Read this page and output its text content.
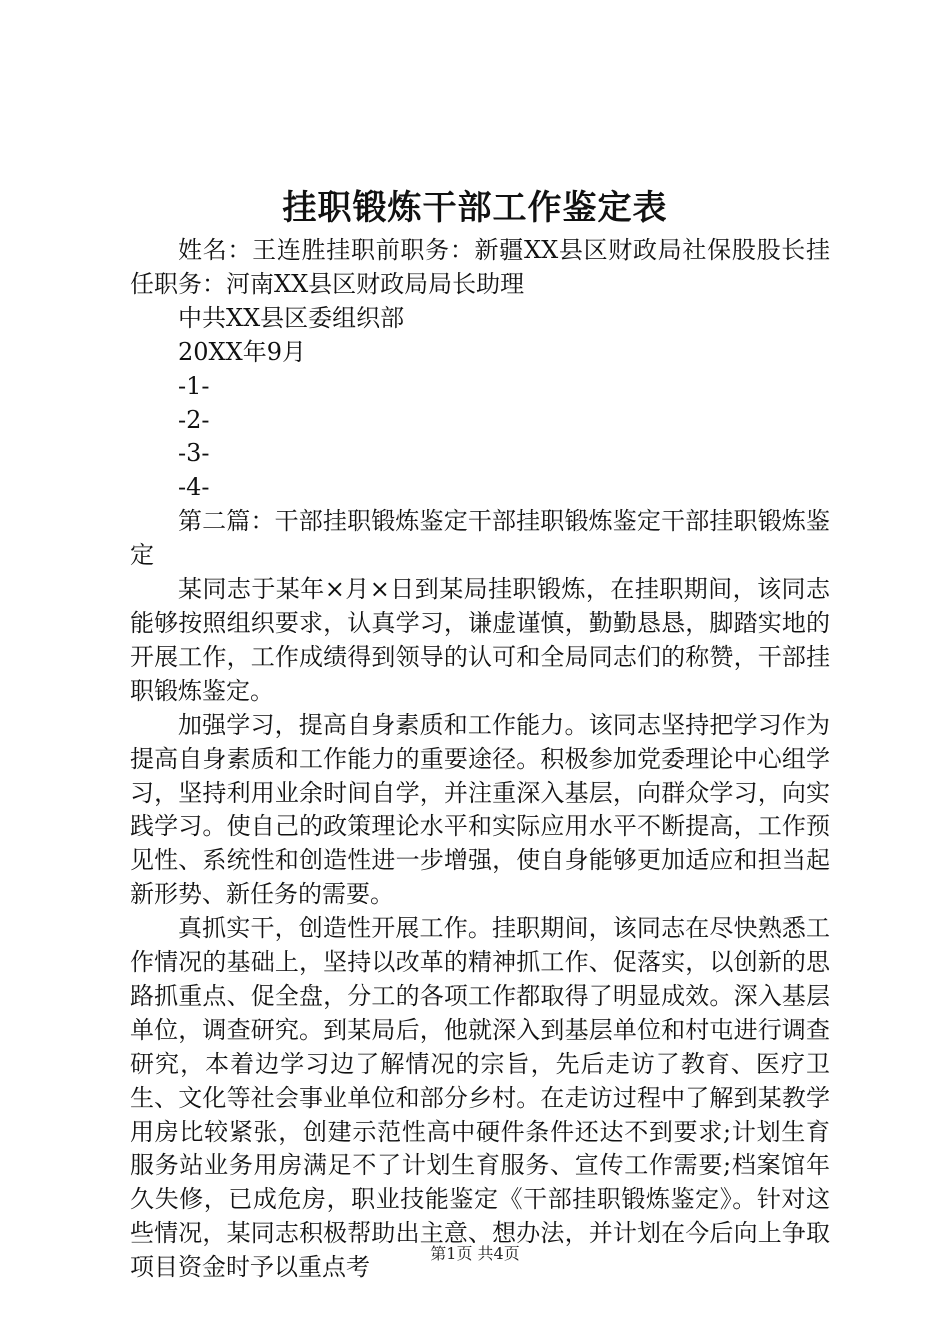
挂职锻炼干部工作鉴定表

姓名：王连胜挂职前职务：新疆XX县区财政局社保股股长挂任职务：河南XX县区财政局局长助理

中共XX县区委组织部

20XX年9月

-1-

-2-

-3-

-4-

第二篇：干部挂职锻炼鉴定干部挂职锻炼鉴定干部挂职锻炼鉴定

某同志于某年×月×日到某局挂职锻炼，在挂职期间，该同志能够按照组织要求，认真学习，谦虚谨慎，勤勤恳恳，脚踏实地的开展工作，工作成绩得到领导的认可和全局同志们的称赞，干部挂职锻炼鉴定。

加强学习，提高自身素质和工作能力。该同志坚持把学习作为提高自身素质和工作能力的重要途径。积极参加党委理论中心组学习，坚持利用业余时间自学，并注重深入基层，向群众学习，向实践学习。使自己的政策理论水平和实际应用水平不断提高，工作预见性、系统性和创造性进一步增强，使自身能够更加适应和担当起新形势、新任务的需要。

真抓实干，创造性开展工作。挂职期间，该同志在尽快熟悉工作情况的基础上，坚持以改革的精神抓工作、促落实，以创新的思路抓重点、促全盘，分工的各项工作都取得了明显成效。深入基层单位，调查研究。到某局后，他就深入到基层单位和村屯进行调查研究，本着边学习边了解情况的宗旨，先后走访了教育、医疗卫生、文化等社会事业单位和部分乡村。在走访过程中了解到某教学用房比较紧张，创建示范性高中硬件条件还达不到要求;计划生育服务站业务用房满足不了计划生育服务、宣传工作需要;档案馆年久失修，已成危房，职业技能鉴定《干部挂职锻炼鉴定》。针对这些情况，某同志积极帮助出主意、想办法，并计划在今后向上争取项目资金时予以重点考	第1页 共4页
